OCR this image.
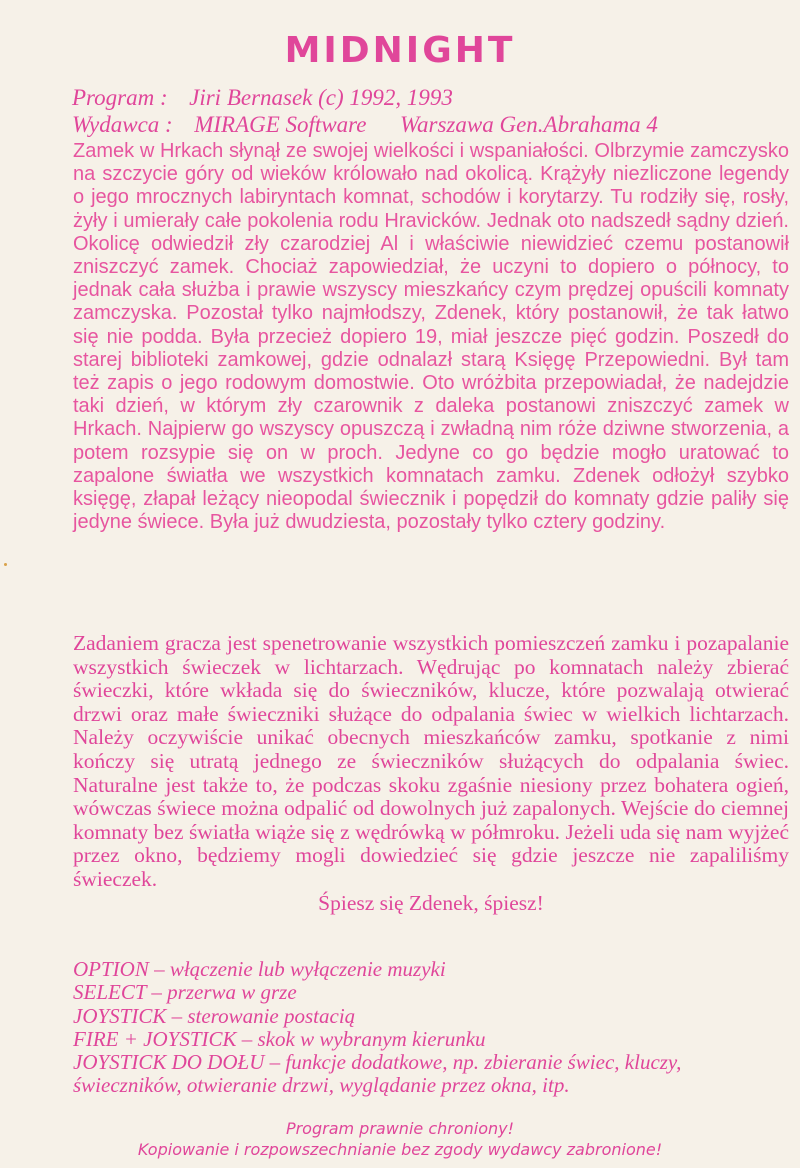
MIDNIGHT
Program : Jiri Bernasek (c) 1992, 1993
Wydawca : MIRAGE Software Warszawa Gen.Abrahama 4
Zamek w Hrkach słynął ze swojej wielkości i wspaniałości. Olbrzymie zamczysko na szczycie góry od wieków królowało nad okolicą. Krążyły niezliczone legendy o jego mrocznych labiryntach komnat, schodów i korytarzy. Tu rodziły się, rosły, żyły i umierały całe pokolenia rodu Hravicków. Jednak oto nadszedł sądny dzień. Okolicę odwiedził zły czarodziej Al i właściwie niewidzieć czemu postanowił zniszczyć zamek. Chociaż zapowiedział, że uczyni to dopiero o północy, to jednak cała służba i prawie wszyscy mieszkańcy czym prędzej opuścili komnaty zamczyska. Pozostał tylko najmłodszy, Zdenek, który postanowił, że tak łatwo się nie podda. Była przecież dopiero 19, miał jeszcze pięć godzin. Poszedł do starej biblioteki zamkowej, gdzie odnalazł starą Księgę Przepowiedni. Był tam też zapis o jego rodowym domostwie. Oto wróżbita przepowiadał, że nadejdzie taki dzień, w którym zły czarownik z daleka postanowi zniszczyć zamek w Hrkach. Najpierw go wszyscy opuszczą i zwładną nim róże dziwne stworzenia, a potem rozsypie się on w proch. Jedyne co go będzie mogło uratować to zapalone światła we wszystkich komnatach zamku. Zdenek odłożył szybko księgę, złapał leżący nieopodal świecznik i popędził do komnaty gdzie paliły się jedyne świece. Była już dwudziesta, pozostały tylko cztery godziny.
Zadaniem gracza jest spenetrowanie wszystkich pomieszczeń zamku i pozapalanie wszystkich świeczek w lichtarzach. Wędrując po komnatach należy zbierać świeczki, które wkłada się do świeczników, klucze, które pozwalają otwierać drzwi oraz małe świeczniki służące do odpalania świec w wielkich lichtarzach. Należy oczywiście unikać obecnych mieszkańców zamku, spotkanie z nimi kończy się utratą jednego ze świeczników służących do odpalania świec. Naturalne jest także to, że podczas skoku zgaśnie niesiony przez bohatera ogień, wówczas świece można odpalić od dowolnych już zapalonych. Wejście do ciemnej komnaty bez światła wiąże się z wędrówką w półmroku. Jeżeli uda się nam wyjżeć przez okno, będziemy mogli dowiedzieć się gdzie jeszcze nie zapaliliśmy świeczek.
Śpiesz się Zdenek, śpiesz!
OPTION – włączenie lub wyłączenie muzyki
SELECT – przerwa w grze
JOYSTICK – sterowanie postacią
FIRE + JOYSTICK – skok w wybranym kierunku
JOYSTICK DO DOŁU – funkcje dodatkowe, np. zbieranie świec, kluczy, świeczników, otwieranie drzwi, wyglądanie przez okna, itp.
Program prawnie chroniony!
Kopiowanie i rozpowszechnianie bez zgody wydawcy zabronione!
